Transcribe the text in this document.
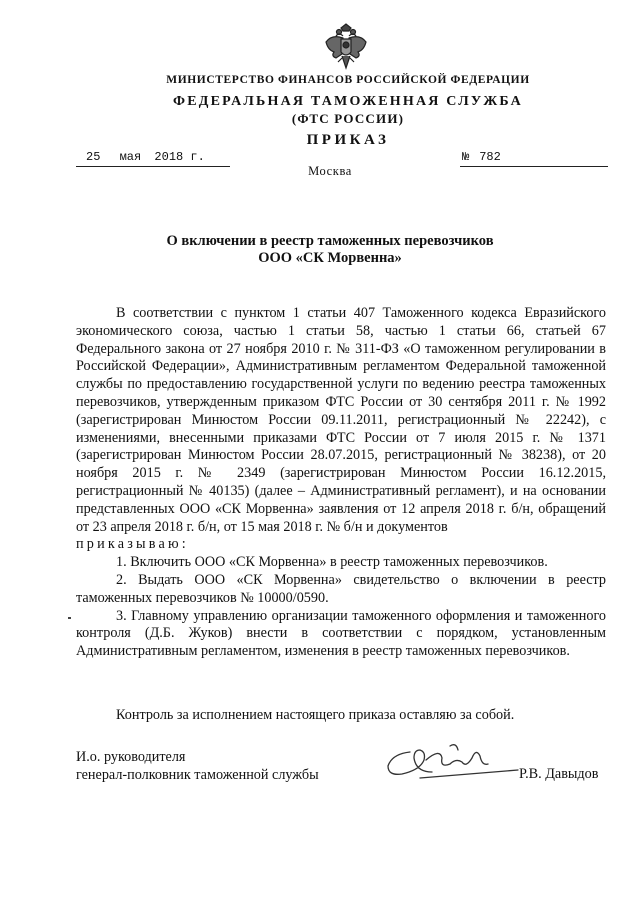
МИНИСТЕРСТВО ФИНАНСОВ РОССИЙСКОЙ ФЕДЕРАЦИИ
ФЕДЕРАЛЬНАЯ ТАМОЖЕННАЯ СЛУЖБА
(ФТС РОССИИ)
ПРИКАЗ
25 мая 2018 г.	№ 782
Москва
О включении в реестр таможенных перевозчиков
ООО «СК Морвенна»

В соответствии с пунктом 1 статьи 407 Таможенного кодекса Евразийского экономического союза, частью 1 статьи 58, частью 1 статьи 66, статьей 67 Федерального закона от 27 ноября 2010 г. № 311-ФЗ «О таможенном регулировании в Российской Федерации», Административным регламентом Федеральной таможенной службы по предоставлению государственной услуги по ведению реестра таможенных перевозчиков, утвержденным приказом ФТС России от 30 сентября 2011 г. № 1992 (зарегистрирован Минюстом России 09.11.2011, регистрационный № 22242), с изменениями, внесенными приказами ФТС России от 7 июля 2015 г. № 1371 (зарегистрирован Минюстом России 28.07.2015, регистрационный № 38238), от 20 ноября 2015 г. № 2349 (зарегистрирован Минюстом России 16.12.2015, регистрационный № 40135) (далее – Административный регламент), и на основании представленных ООО «СК Морвенна» заявления от 12 апреля 2018 г. б/н, обращений от 23 апреля 2018 г. б/н, от 15 мая 2018 г. № б/н и документов

приказываю:

1. Включить ООО «СК Морвенна» в реестр таможенных перевозчиков.

2. Выдать ООО «СК Морвенна» свидетельство о включении в реестр таможенных перевозчиков № 10000/0590.

3. Главному управлению организации таможенного оформления и таможенного контроля (Д.Б. Жуков) внести в соответствии с порядком, установленным Административным регламентом, изменения в реестр таможенных перевозчиков.

Контроль за исполнением настоящего приказа оставляю за собой.
И.о. руководителя
генерал-полковник таможенной службы	Р.В. Давыдов
